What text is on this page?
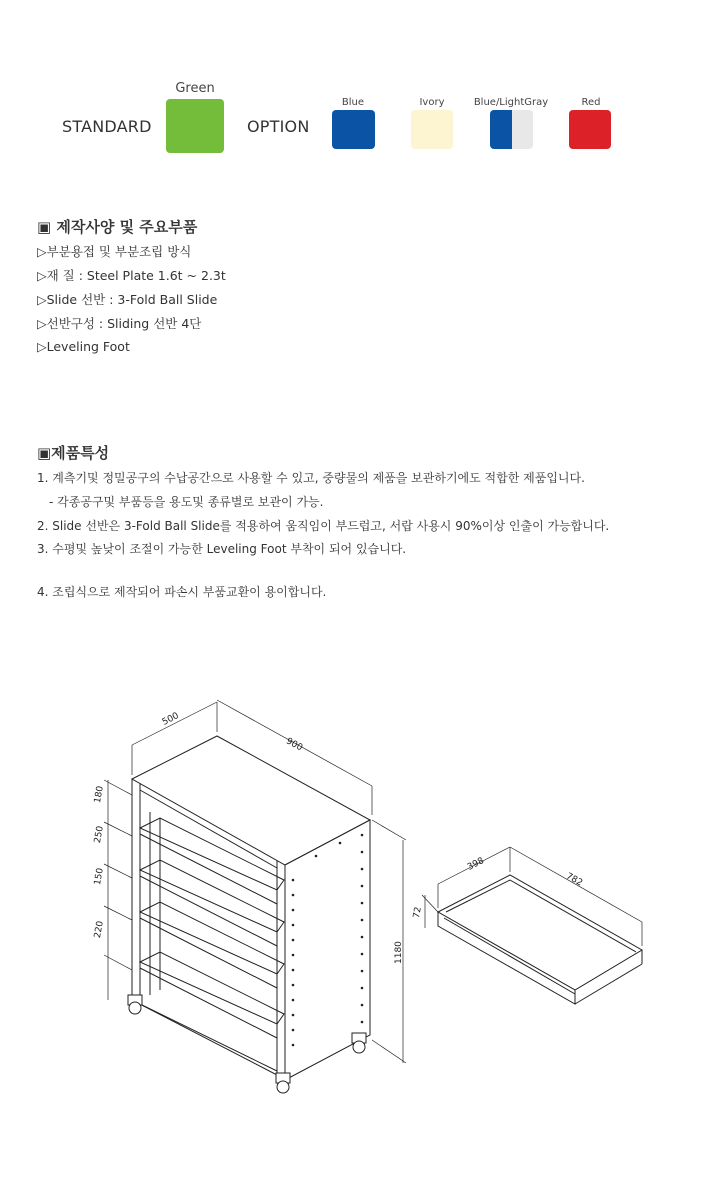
STANDARD
Green
OPTION
Blue	Ivory	Blue/LightGray	Red
▣ 제작사양 및 주요부품
▷부분용접 및 부분조립 방식
▷재 질 : Steel Plate 1.6t ~ 2.3t
▷Slide 선반 : 3-Fold Ball Slide
▷선반구성 : Sliding 선반 4단
▷Leveling Foot
▣제품특성
1. 계측기및 정밀공구의 수납공간으로 사용할 수 있고, 중량물의 제품을 보관하기에도 적합한 제품입니다.
- 각종공구및 부품등을 용도및 종류별로 보관이 가능.
2. Slide 선반은 3-Fold Ball Slide를 적용하여 움직임이 부드럽고, 서랍 사용시 90%이상 인출이 가능합니다.
3. 수평및 높낮이 조절이 가능한 Leveling Foot 부착이 되어 있습니다.
4. 조립식으로 제작되어 파손시 부품교환이 용이합니다.
500
900
1180
180
250
150
220
398
782
72
